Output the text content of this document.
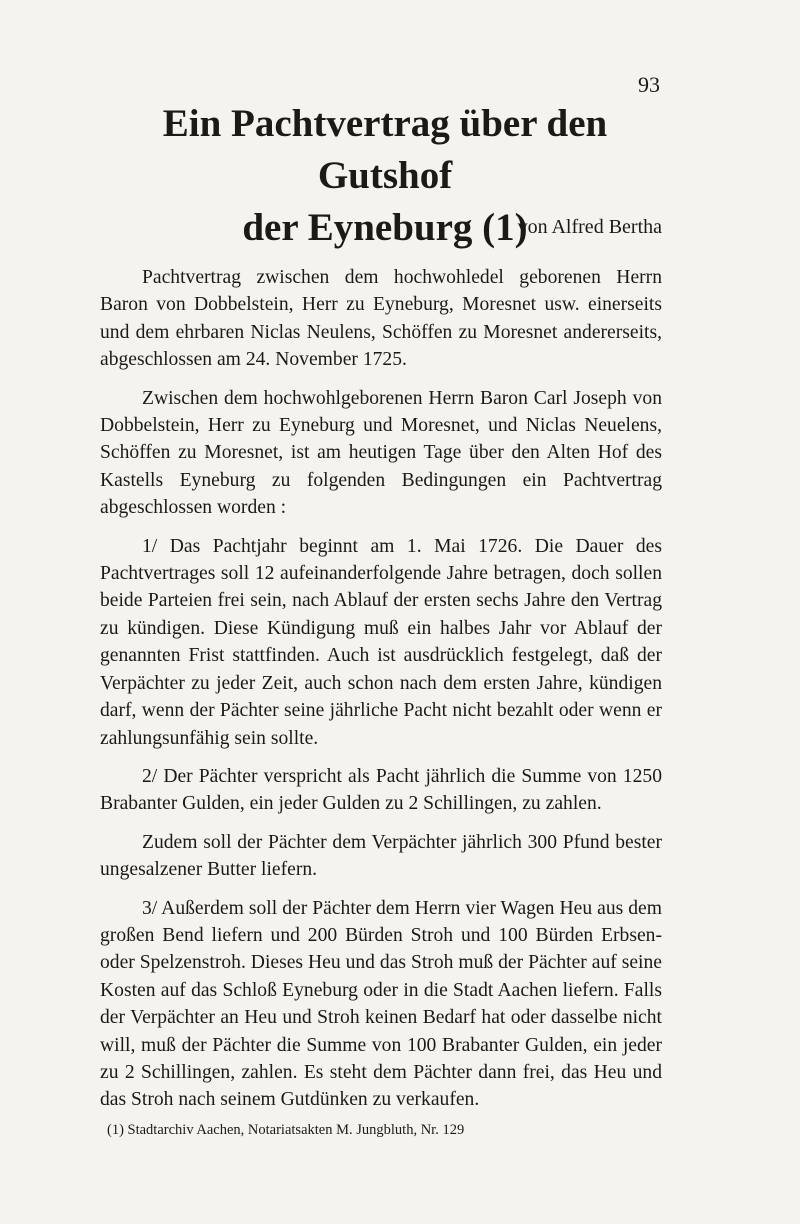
93
Ein Pachtvertrag über den Gutshof
der Eyneburg (1)
von Alfred Bertha

Pachtvertrag zwischen dem hochwohledel geborenen Herrn Baron von Dobbelstein, Herr zu Eyneburg, Moresnet usw. einerseits und dem ehrbaren Niclas Neulens, Schöffen zu Moresnet andererseits, abgeschlossen am 24. November 1725.

Zwischen dem hochwohlgeborenen Herrn Baron Carl Joseph von Dobbelstein, Herr zu Eyneburg und Moresnet, und Niclas Neuelens, Schöffen zu Moresnet, ist am heutigen Tage über den Alten Hof des Kastells Eyneburg zu folgenden Bedingungen ein Pachtvertrag abgeschlossen worden :

1/ Das Pachtjahr beginnt am 1. Mai 1726. Die Dauer des Pachtvertrages soll 12 aufeinanderfolgende Jahre betragen, doch sollen beide Parteien frei sein, nach Ablauf der ersten sechs Jahre den Vertrag zu kündigen. Diese Kündigung muß ein halbes Jahr vor Ablauf der genannten Frist stattfinden. Auch ist ausdrücklich festgelegt, daß der Verpächter zu jeder Zeit, auch schon nach dem ersten Jahre, kündigen darf, wenn der Pächter seine jährliche Pacht nicht bezahlt oder wenn er zahlungsunfähig sein sollte.

2/ Der Pächter verspricht als Pacht jährlich die Summe von 1250 Brabanter Gulden, ein jeder Gulden zu 2 Schillingen, zu zahlen.

Zudem soll der Pächter dem Verpächter jährlich 300 Pfund bester ungesalzener Butter liefern.

3/ Außerdem soll der Pächter dem Herrn vier Wagen Heu aus dem großen Bend liefern und 200 Bürden Stroh und 100 Bürden Erbsen- oder Spelzenstroh. Dieses Heu und das Stroh muß der Pächter auf seine Kosten auf das Schloß Eyneburg oder in die Stadt Aachen liefern. Falls der Verpächter an Heu und Stroh keinen Bedarf hat oder dasselbe nicht will, muß der Pächter die Summe von 100 Brabanter Gulden, ein jeder zu 2 Schillingen, zahlen. Es steht dem Pächter dann frei, das Heu und das Stroh nach seinem Gutdünken zu verkaufen.

(1) Stadtarchiv Aachen, Notariatsakten M. Jungbluth, Nr. 129
